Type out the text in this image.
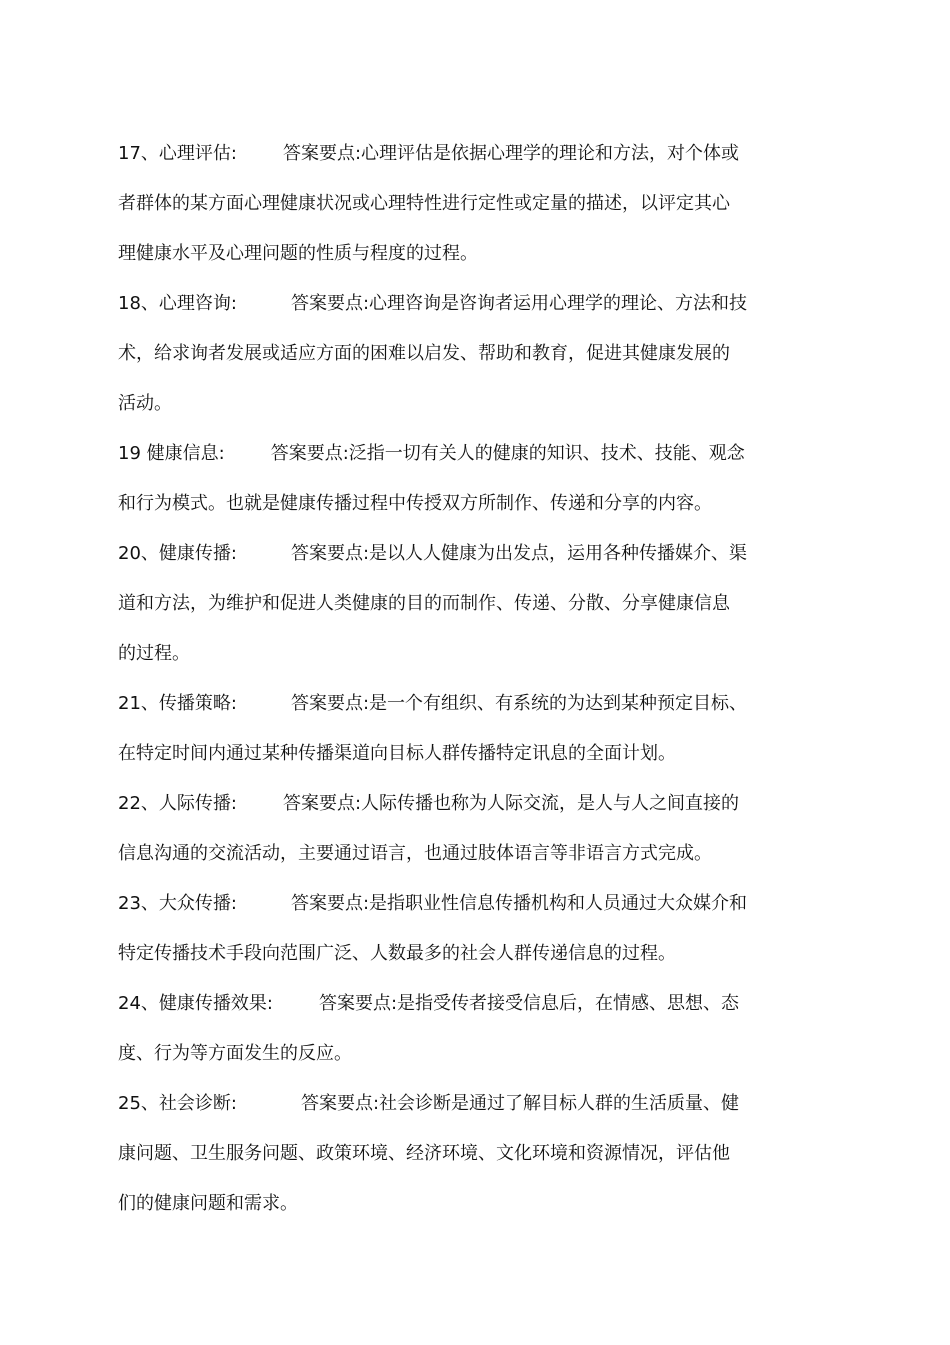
17、心理评估:	答案要点:心理评估是依据心理学的理论和方法，对个体或
者群体的某方面心理健康状况或心理特性进行定性或定量的描述，以评定其心
理健康水平及心理问题的性质与程度的过程。
18、心理咨询:	答案要点:心理咨询是咨询者运用心理学的理论、方法和技
术，给求询者发展或适应方面的困难以启发、帮助和教育，促进其健康发展的
活动。
19 健康信息:	答案要点:泛指一切有关人的健康的知识、技术、技能、观念
和行为模式。也就是健康传播过程中传授双方所制作、传递和分享的内容。
20、健康传播:	答案要点:是以人人健康为出发点，运用各种传播媒介、渠
道和方法，为维护和促进人类健康的目的而制作、传递、分散、分享健康信息
的过程。
21、传播策略:	答案要点:是一个有组织、有系统的为达到某种预定目标、
在特定时间内通过某种传播渠道向目标人群传播特定讯息的全面计划。
22、人际传播:	答案要点:人际传播也称为人际交流，是人与人之间直接的
信息沟通的交流活动，主要通过语言，也通过肢体语言等非语言方式完成。
23、大众传播:	答案要点:是指职业性信息传播机构和人员通过大众媒介和
特定传播技术手段向范围广泛、人数最多的社会人群传递信息的过程。
24、健康传播效果:	答案要点:是指受传者接受信息后，在情感、思想、态
度、行为等方面发生的反应。
25、社会诊断:	答案要点:社会诊断是通过了解目标人群的生活质量、健
康问题、卫生服务问题、政策环境、经济环境、文化环境和资源情况，评估他
们的健康问题和需求。
